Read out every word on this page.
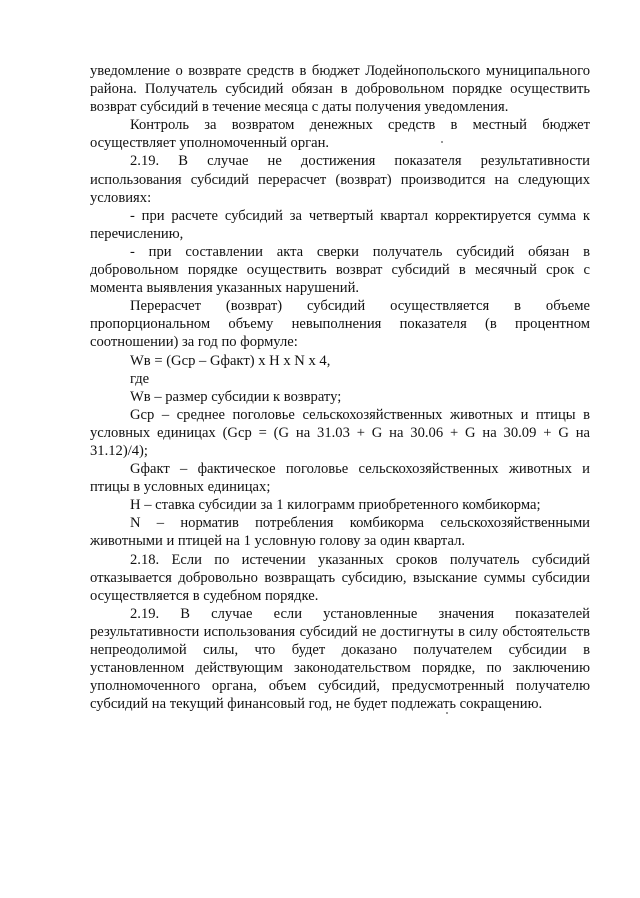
уведомление о возврате средств в бюджет Лодейнопольского муниципального района. Получатель субсидий обязан в добровольном порядке осуществить возврат субсидий в течение месяца с даты получения уведомления.

Контроль за возвратом денежных средств в местный бюджет осуществляет уполномоченный орган.

2.19. В случае не достижения показателя результативности использования субсидий перерасчет (возврат) производится на следующих условиях:

- при расчете субсидий за четвертый квартал корректируется сумма к перечислению,

- при составлении акта сверки получатель субсидий обязан в добровольном порядке осуществить возврат субсидий в месячный срок с момента выявления указанных нарушений.

Перерасчет (возврат) субсидий осуществляется в объеме пропорциональном объему невыполнения показателя (в процентном соотношении) за год по формуле:

Wв = (Gср – Gфакт) х H x N x 4,

где

Wв – размер субсидии к возврату;

Gср – среднее поголовье сельскохозяйственных животных и птицы в условных единицах (Gср = (G на 31.03 + G на 30.06 + G на 30.09 + G на 31.12)/4);

Gфакт – фактическое поголовье сельскохозяйственных животных и птицы в условных единицах;

H – ставка субсидии за 1 килограмм приобретенного комбикорма;

N – норматив потребления комбикорма сельскохозяйственными животными и птицей на 1 условную голову за один квартал.

2.18. Если по истечении указанных сроков получатель субсидий отказывается добровольно возвращать субсидию, взыскание суммы субсидии осуществляется в судебном порядке.

2.19. В случае если установленные значения показателей результативности использования субсидий не достигнуты в силу обстоятельств непреодолимой силы, что будет доказано получателем субсидии в установленном действующим законодательством порядке, по заключению уполномоченного органа, объем субсидий, предусмотренный получателю субсидий на текущий финансовый год, не будет подлежать сокращению.
